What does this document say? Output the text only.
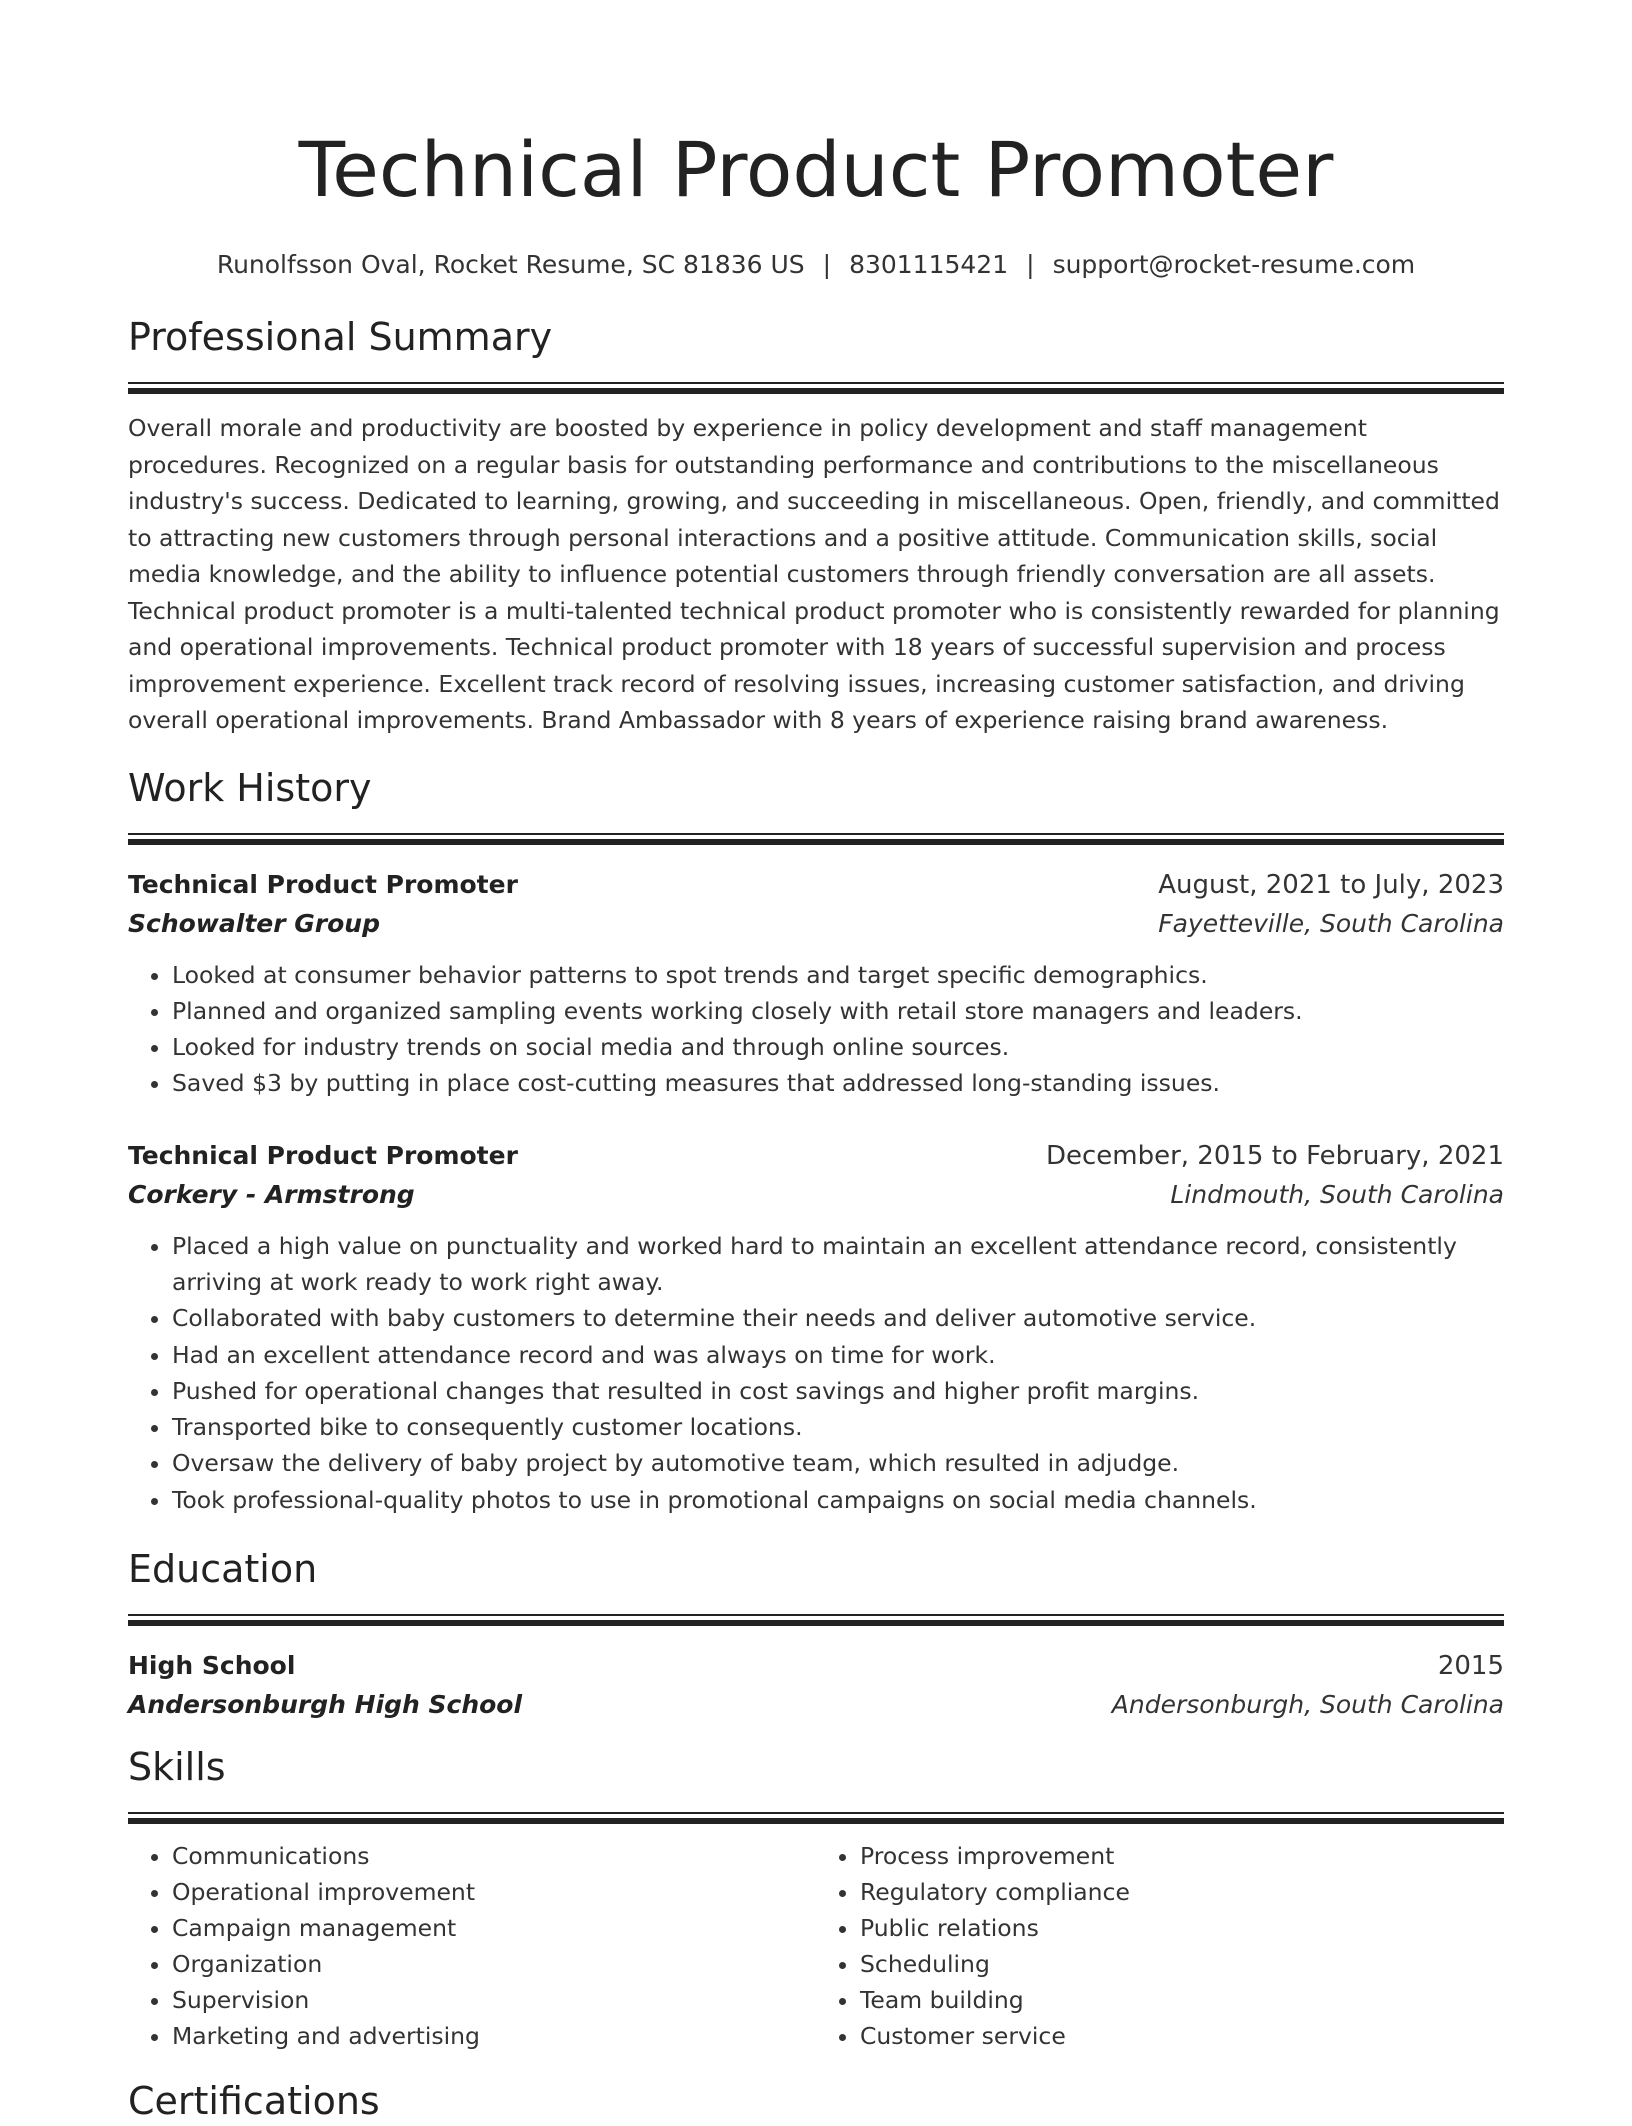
Technical Product Promoter
Runolfsson Oval, Rocket Resume, SC 81836 US | 8301115421 | support@rocket-resume.com
Professional Summary
Overall morale and productivity are boosted by experience in policy development and staff management procedures. Recognized on a regular basis for outstanding performance and contributions to the miscellaneous industry's success. Dedicated to learning, growing, and succeeding in miscellaneous. Open, friendly, and committed to attracting new customers through personal interactions and a positive attitude. Communication skills, social media knowledge, and the ability to influence potential customers through friendly conversation are all assets. Technical product promoter is a multi-talented technical product promoter who is consistently rewarded for planning and operational improvements. Technical product promoter with 18 years of successful supervision and process improvement experience. Excellent track record of resolving issues, increasing customer satisfaction, and driving overall operational improvements. Brand Ambassador with 8 years of experience raising brand awareness.
Work History
Technical Product Promoter	August, 2021 to July, 2023
Schowalter Group	Fayetteville, South Carolina
• Looked at consumer behavior patterns to spot trends and target specific demographics.
• Planned and organized sampling events working closely with retail store managers and leaders.
• Looked for industry trends on social media and through online sources.
• Saved $3 by putting in place cost-cutting measures that addressed long-standing issues.
Technical Product Promoter	December, 2015 to February, 2021
Corkery - Armstrong	Lindmouth, South Carolina
• Placed a high value on punctuality and worked hard to maintain an excellent attendance record, consistently arriving at work ready to work right away.
• Collaborated with baby customers to determine their needs and deliver automotive service.
• Had an excellent attendance record and was always on time for work.
• Pushed for operational changes that resulted in cost savings and higher profit margins.
• Transported bike to consequently customer locations.
• Oversaw the delivery of baby project by automotive team, which resulted in adjudge.
• Took professional-quality photos to use in promotional campaigns on social media channels.
Education
High School	2015
Andersonburgh High School	Andersonburgh, South Carolina
Skills
• Communications
• Operational improvement
• Campaign management
• Organization
• Supervision
• Marketing and advertising
• Process improvement
• Regulatory compliance
• Public relations
• Scheduling
• Team building
• Customer service
Certifications
